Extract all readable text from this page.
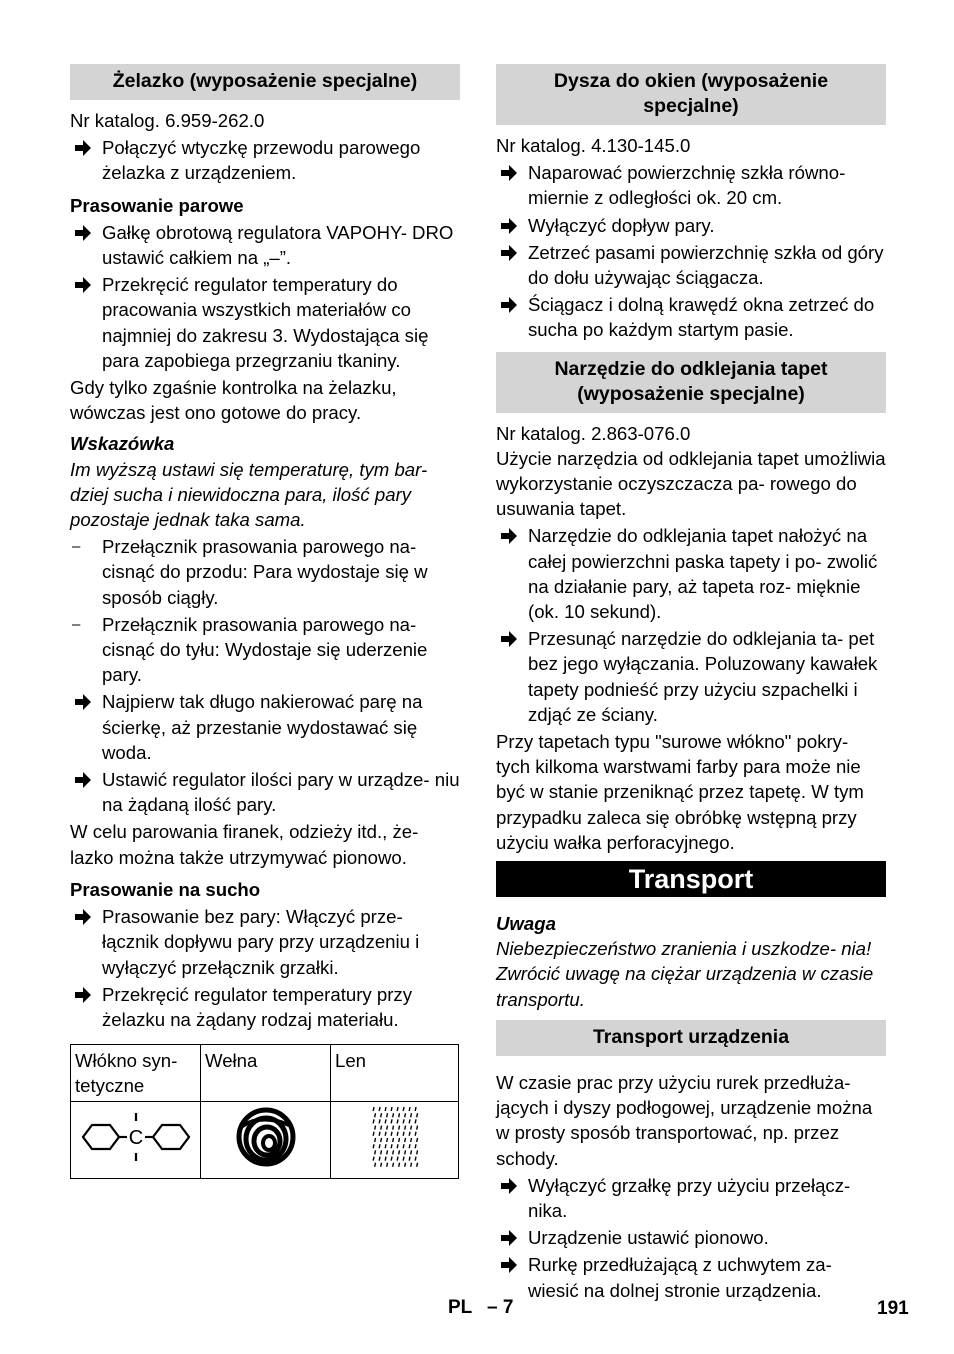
Żelazko (wyposażenie specjalne)

Nr katalog. 6.959-262.0

Połączyć wtyczkę przewodu parowego żelazka z urządzeniem.
Prasowanie parowe
Gałkę obrotową regulatora VAPOHY- DRO ustawić całkiem na „–”.
Przekręcić regulator temperatury do pracowania wszystkich materiałów co najmniej do zakresu 3. Wydostająca się para zapobiega przegrzaniu tkaniny.

Gdy tylko zgaśnie kontrolka na żelazku, wówczas jest ono gotowe do pracy.

Wskazówka

Im wyższą ustawi się temperaturę, tym bar- dziej sucha i niewidoczna para, ilość pary pozostaje jednak taka sama.

– Przełącznik prasowania parowego na- cisnąć do przodu: Para wydostaje się w sposób ciągły.
– Przełącznik prasowania parowego na- cisnąć do tyłu: Wydostaje się uderzenie pary.
Najpierw tak długo nakierować parę na ścierkę, aż przestanie wydostawać się woda.
Ustawić regulator ilości pary w urządze- niu na żądaną ilość pary.

W celu parowania firanek, odzieży itd., że- lazko można także utrzymywać pionowo.

Prasowanie na sucho
Prasowanie bez pary: Włączyć prze- łącznik dopływu pary przy urządzeniu i wyłączyć przełącznik grzałki.
Przekręcić regulator temperatury przy żelazku na żądany rodzaj materiału.
Włókno syn- tetyczne	Wełna	Len

C

Dysza do okien (wyposażenie specjalne)

Nr katalog. 4.130-145.0

Naparować powierzchnię szkła równo- miernie z odległości ok. 20 cm.
Wyłączyć dopływ pary.
Zetrzeć pasami powierzchnię szkła od góry do dołu używając ściągacza.
Ściągacz i dolną krawędź okna zetrzeć do sucha po każdym startym pasie.
Narzędzie do odklejania tapet (wyposażenie specjalne)

Nr katalog. 2.863-076.0

Użycie narzędzia od odklejania tapet umożliwia wykorzystanie oczyszczacza pa- rowego do usuwania tapet.

Narzędzie do odklejania tapet nałożyć na całej powierzchni paska tapety i po- zwolić na działanie pary, aż tapeta roz- mięknie (ok. 10 sekund).
Przesunąć narzędzie do odklejania ta- pet bez jego wyłączania. Poluzowany kawałek tapety podnieść przy użyciu szpachelki i zdjąć ze ściany.

Przy tapetach typu "surowe włókno" pokry- tych kilkoma warstwami farby para może nie być w stanie przeniknąć przez tapetę. W tym przypadku zaleca się obróbkę wstępną przy użyciu wałka perforacyjnego.

Transport
Uwaga

Niebezpieczeństwo zranienia i uszkodze- nia! Zwrócić uwagę na ciężar urządzenia w czasie transportu.

Transport urządzenia

W czasie prac przy użyciu rurek przedłuża- jących i dyszy podłogowej, urządzenie można w prosty sposób transportować, np. przez schody.

Wyłączyć grzałkę przy użyciu przełącz- nika.
Urządzenie ustawić pionowo.
Rurkę przedłużającą z uchwytem za- wiesić na dolnej stronie urządzenia.
PL – 7	191
